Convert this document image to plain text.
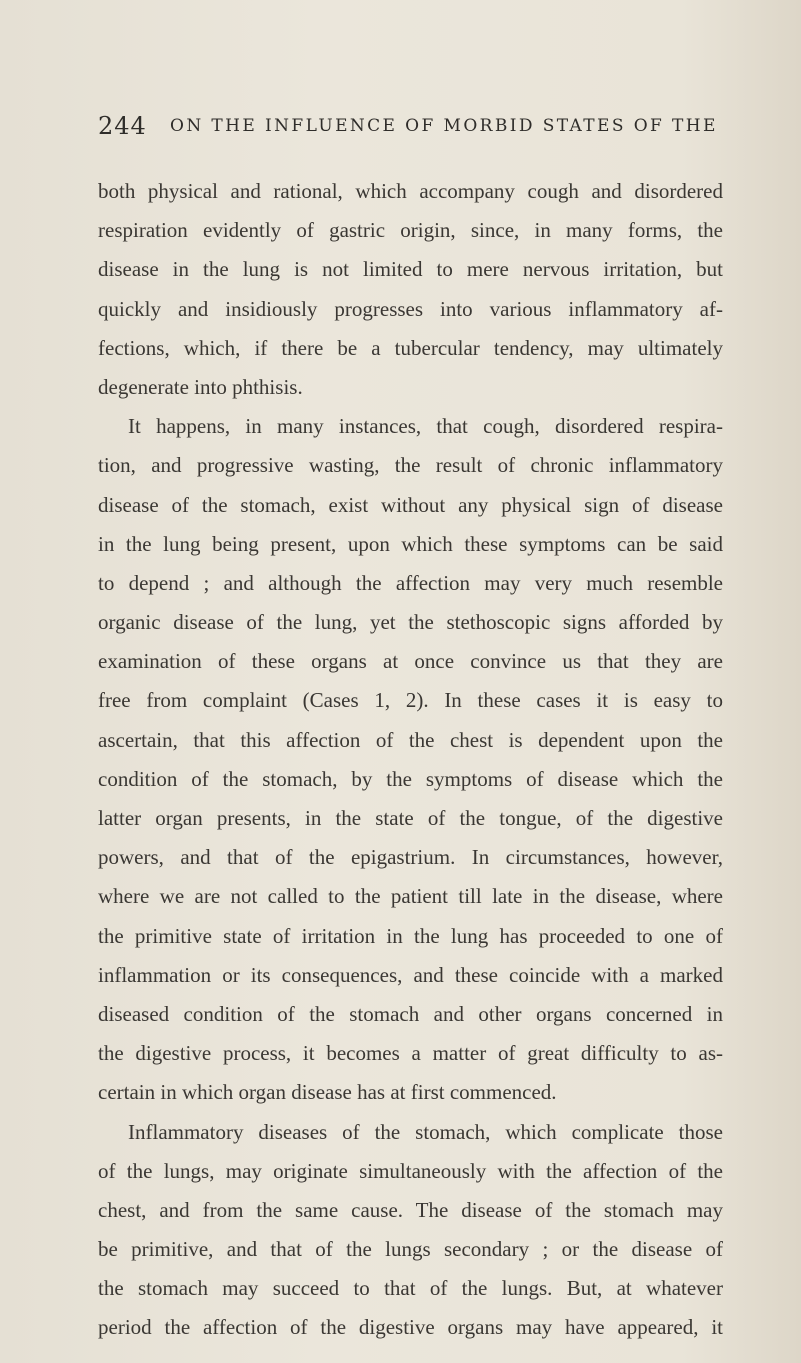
244 ON THE INFLUENCE OF MORBID STATES OF THE
both physical and rational, which accompany cough and disordered
respiration evidently of gastric origin, since, in many forms, the
disease in the lung is not limited to mere nervous irritation, but
quickly and insidiously progresses into various inflammatory af-
fections, which, if there be a tubercular tendency, may ultimately
degenerate into phthisis.
It happens, in many instances, that cough, disordered respira-
tion, and progressive wasting, the result of chronic inflammatory
disease of the stomach, exist without any physical sign of disease
in the lung being present, upon which these symptoms can be said
to depend ; and although the affection may very much resemble
organic disease of the lung, yet the stethoscopic signs afforded by
examination of these organs at once convince us that they are
free from complaint (Cases 1, 2). In these cases it is easy to
ascertain, that this affection of the chest is dependent upon the
condition of the stomach, by the symptoms of disease which the
latter organ presents, in the state of the tongue, of the digestive
powers, and that of the epigastrium. In circumstances, however,
where we are not called to the patient till late in the disease, where
the primitive state of irritation in the lung has proceeded to one of
inflammation or its consequences, and these coincide with a marked
diseased condition of the stomach and other organs concerned in
the digestive process, it becomes a matter of great difficulty to as-
certain in which organ disease has at first commenced.
Inflammatory diseases of the stomach, which complicate those
of the lungs, may originate simultaneously with the affection of the
chest, and from the same cause. The disease of the stomach may
be primitive, and that of the lungs secondary ; or the disease of
the stomach may succeed to that of the lungs. But, at whatever
period the affection of the digestive organs may have appeared, it
